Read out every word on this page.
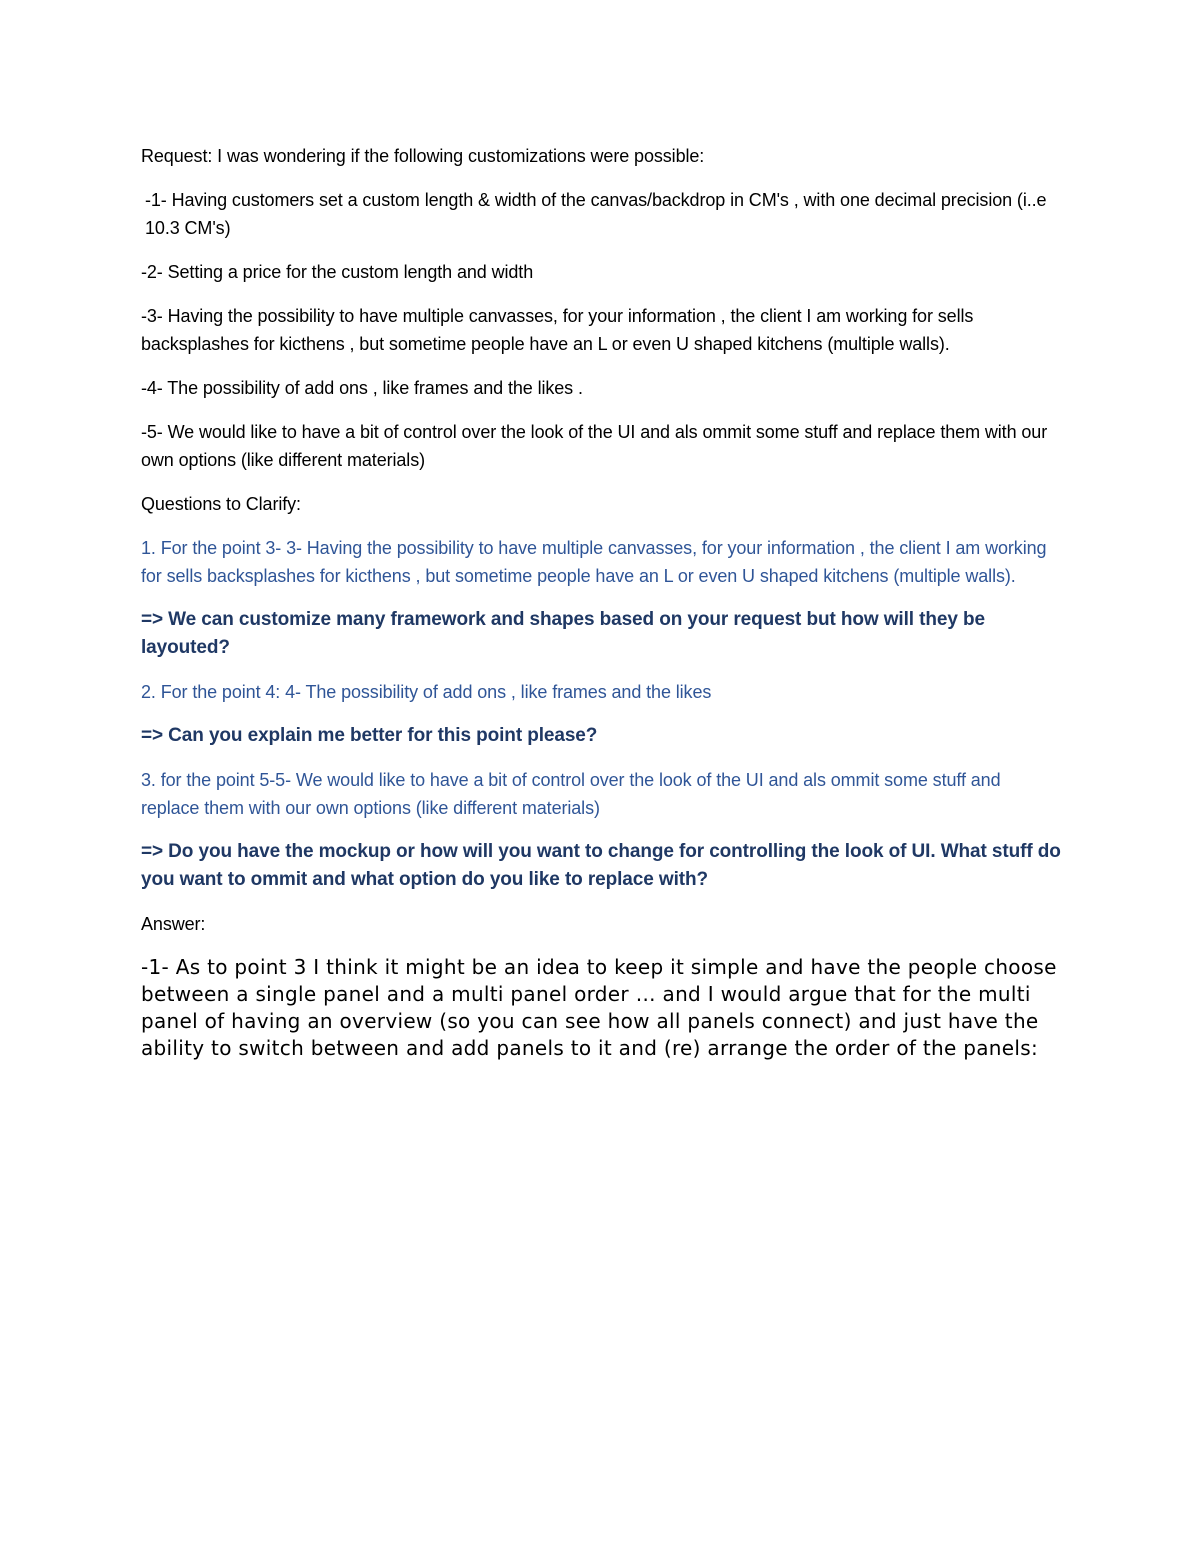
Request: I was wondering if the following customizations were possible:

-1- Having customers set a custom length & width of the canvas/backdrop in CM's , with one decimal precision (i..e 10.3 CM's)

-2- Setting a price for the custom length and width

-3- Having the possibility to have multiple canvasses, for your information , the client I am working for sells backsplashes for kicthens , but sometime people have an L or even U shaped kitchens (multiple walls).

-4- The possibility of add ons , like frames and the likes .

-5- We would like to have a bit of control over the look of the UI and als ommit some stuff and replace them with our own options (like different materials)

Questions to Clarify:

1. For the point 3- 3- Having the possibility to have multiple canvasses, for your information , the client I am working for sells backsplashes for kicthens , but sometime people have an L or even U shaped kitchens (multiple walls).

=> We can customize many framework and shapes based on your request but how will they be layouted?

2. For the point 4: 4- The possibility of add ons , like frames and the likes

=> Can you explain me better for this point please?

3. for the point 5-5- We would like to have a bit of control over the look of the UI and als ommit some stuff and replace them with our own options (like different materials)

=> Do you have the mockup or how will you want to change for controlling the look of UI. What stuff do you want to ommit and what option do you like to replace with?

Answer:

-1- As to point 3 I think it might be an idea to keep it simple and have the people choose between a single panel and a multi panel order … and I would argue that for the multi panel of having an overview (so you can see how all panels connect) and just have the ability to switch between and add panels to it and (re) arrange the order of the panels:
